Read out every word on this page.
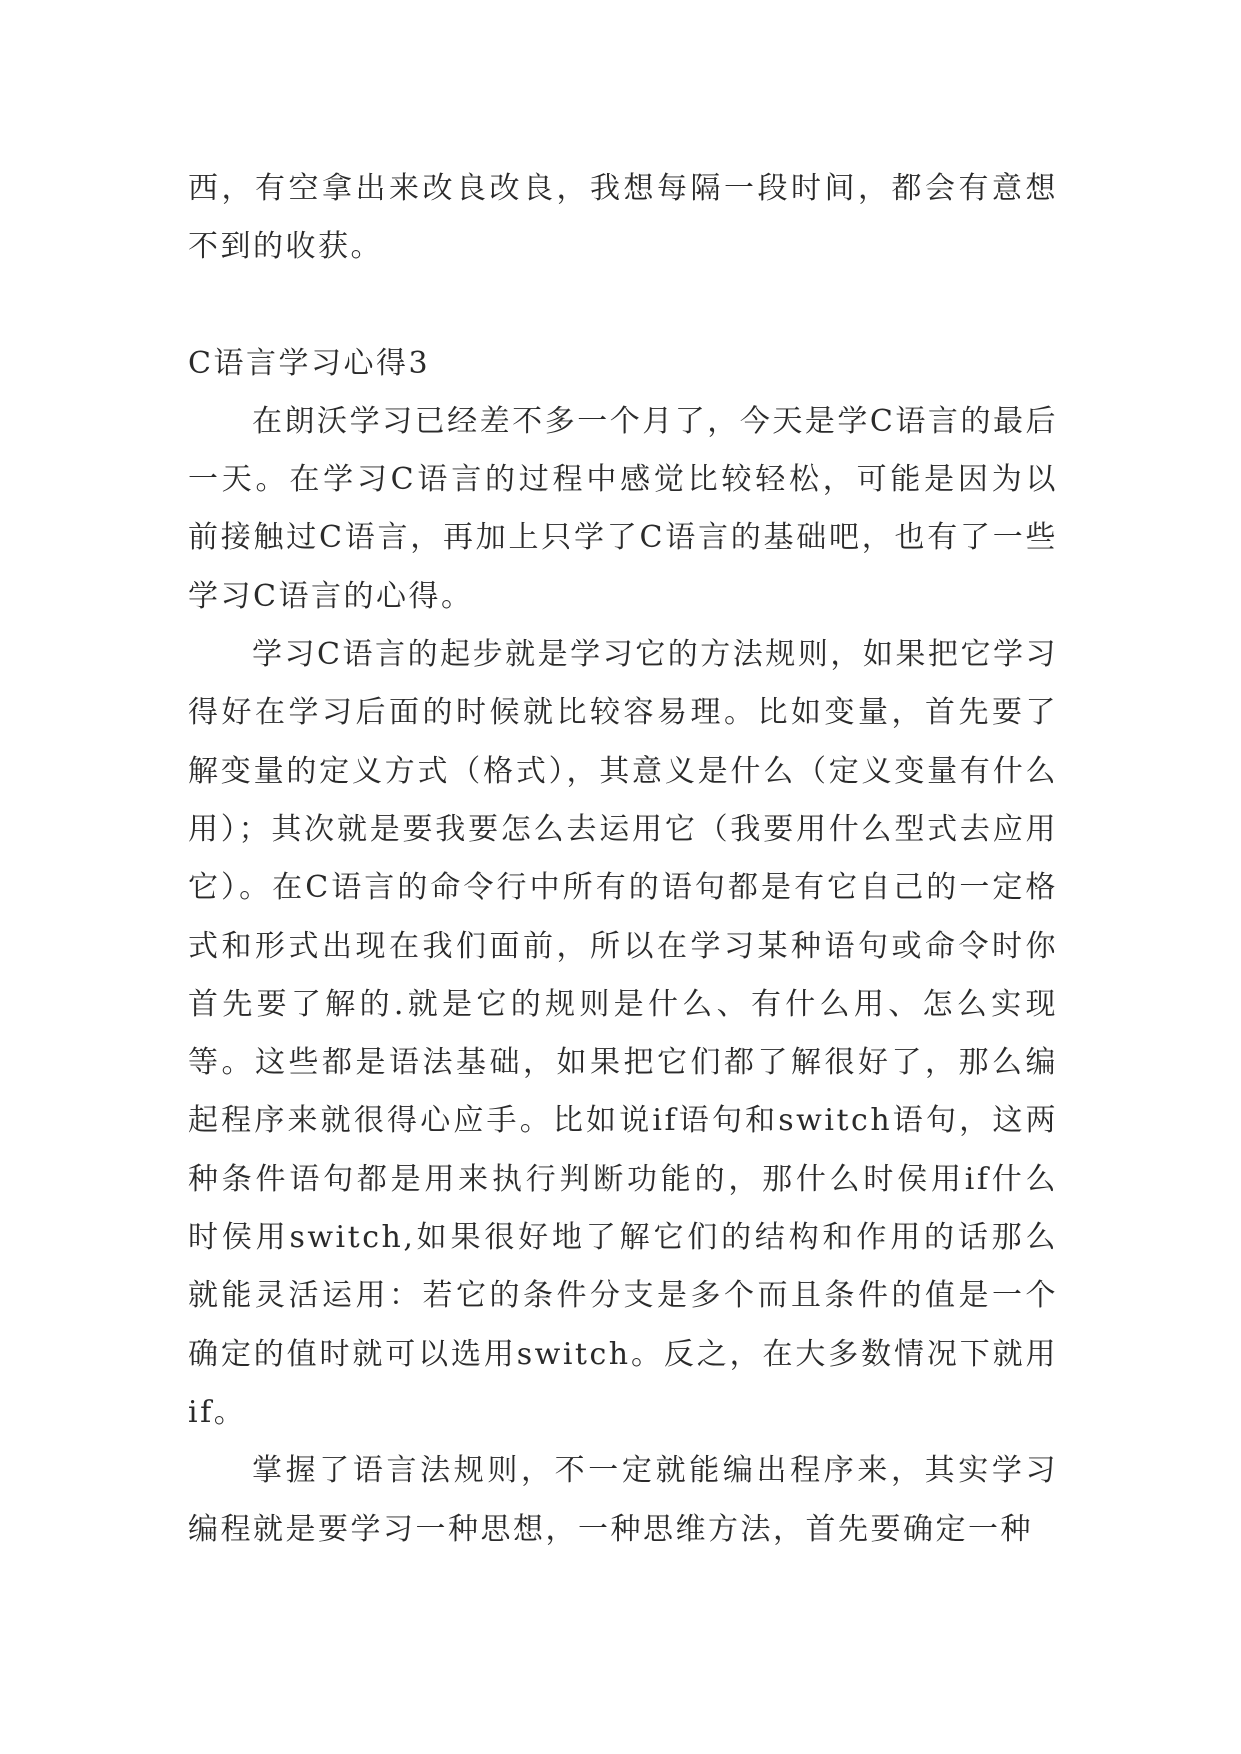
西，有空拿出来改良改良，我想每隔一段时间，都会有意想不到的收获。

C语言学习心得3

在朗沃学习已经差不多一个月了，今天是学C语言的最后一天。在学习C语言的过程中感觉比较轻松，可能是因为以前接触过C语言，再加上只学了C语言的基础吧，也有了一些学习C语言的心得。

学习C语言的起步就是学习它的方法规则，如果把它学习得好在学习后面的时候就比较容易理。比如变量，首先要了解变量的定义方式（格式），其意义是什么（定义变量有什么用）；其次就是要我要怎么去运用它（我要用什么型式去应用它）。在C语言的命令行中所有的语句都是有它自己的一定格式和形式出现在我们面前，所以在学习某种语句或命令时你首先要了解的.就是它的规则是什么、有什么用、怎么实现等。这些都是语法基础，如果把它们都了解很好了，那么编起程序来就很得心应手。比如说if语句和switch语句，这两种条件语句都是用来执行判断功能的，那什么时侯用if什么时侯用switch,如果很好地了解它们的结构和作用的话那么就能灵活运用：若它的条件分支是多个而且条件的值是一个确定的值时就可以选用switch。反之，在大多数情况下就用if。

掌握了语言法规则，不一定就能编出程序来，其实学习编程就是要学习一种思想，一种思维方法，首先要确定一种
